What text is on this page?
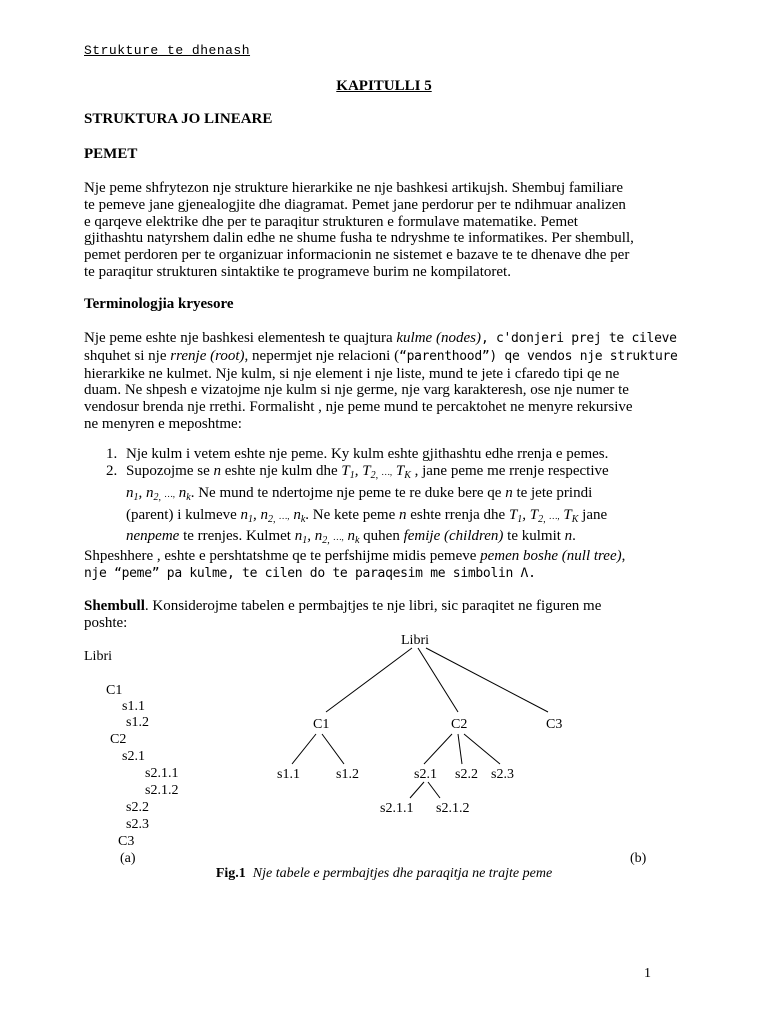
Strukture te dhenash
KAPITULLI 5
STRUKTURA JO LINEARE
PEMET
Nje peme shfrytezon nje strukture hierarkike ne nje bashkesi artikujsh. Shembuj familiare
te pemeve jane gjenealogjite dhe diagramat. Pemet jane perdorur per te ndihmuar analizen
e qarqeve elektrike dhe per te paraqitur strukturen e formulave matematike. Pemet
gjithashtu natyrshem dalin edhe ne shume fusha te ndryshme te informatikes. Per shembull,
pemet perdoren per te organizuar informacionin ne sistemet e bazave te te dhenave dhe per
te paraqitur strukturen sintaktike te programeve burim ne kompilatoret.
Terminologjia kryesore
Nje peme eshte nje bashkesi elementesh te quajtura kulme (nodes), c'donjeri prej te cileve
shquhet si nje rrenje (root), nepermjet nje relacioni (“parenthood”) qe vendos nje strukture
hierarkike ne kulmet. Nje kulm, si nje element i nje liste, mund te jete i cfaredo tipi qe ne
duam. Ne shpesh e vizatojme nje kulm si nje germe, nje varg karakteresh, ose nje numer te
vendosur brenda nje rrethi. Formalisht , nje peme mund te percaktohet ne menyre rekursive
ne menyren e meposhtme:
1. Nje kulm i vetem eshte nje peme. Ky kulm eshte gjithashtu edhe rrenja e pemes.
2. Supozojme se n eshte nje kulm dhe $T_1$, $T_{2,}$ …, $T_K$ , jane peme me rrenje respective
$n_1$, $n_{2,}$ …, $n_k$. Ne mund te ndertojme nje peme te re duke bere qe n te jete prindi
(parent) i kulmeve $n_1$, $n_{2,}$ …, $n_k$. Ne kete peme n eshte rrenja dhe $T_1$, $T_{2,}$ …, $T_K$ jane
nenpeme te rrenjes. Kulmet $n_1$, $n_{2,}$ …, $n_k$ quhen femije (children) te kulmit n.
Shpeshhere , eshte e pershtatshme qe te perfshijme midis pemeve pemen boshe (null tree),
nje “peme” pa kulme, te cilen do te paraqesim me simbolin Λ.
Shembull. Konsiderojme tabelen e permbajtjes te nje libri, sic paraqitet ne figuren me
poshte:
Libri
C1
s1.1
s1.2
C2
s2.1
s2.1.1
s2.1.2
s2.2
s2.3
C3
(a)	(b)
Libri
C1	C2	C3
s1.1	s1.2	s2.1 s2.2 s2.3
s2.1.1 s2.1.2
Fig.1 Nje tabele e permbajtjes dhe paraqitja ne trajte peme
1
